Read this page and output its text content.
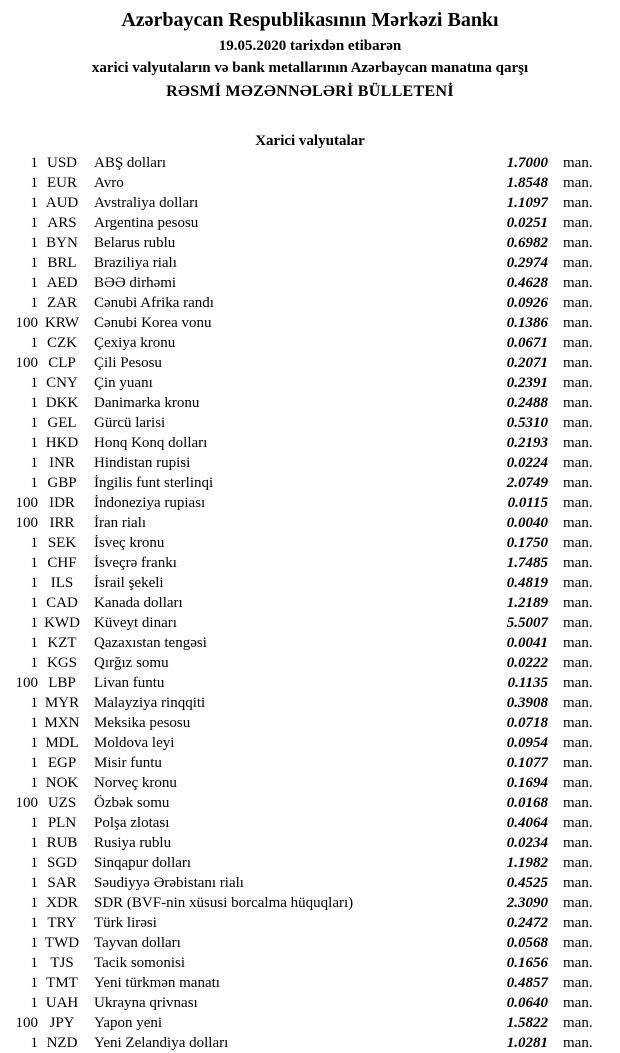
Azərbaycan Respublikasının Mərkəzi Bankı
19.05.2020 tarixdən etibarən
xarici valyutaların və bank metallarının Azərbaycan manatına qarşı
RƏSMİ MƏZƏNNƏLƏRİ BÜLLETENİ
Xarici valyutalar
1 USD	ABŞ dolları	1.7000	man.
1 EUR	Avro	1.8548	man.
1 AUD	Avstraliya dolları	1.1097	man.
1 ARS	Argentina pesosu	0.0251	man.
1 BYN	Belarus rublu	0.6982	man.
1 BRL	Braziliya rialı	0.2974	man.
1 AED	BƏƏ dirhəmi	0.4628	man.
1 ZAR	Cənubi Afrika randı	0.0926	man.
100 KRW Cənubi Korea vonu	0.1386	man.
1 CZK	Çexiya kronu	0.0671	man.
100 CLP	Çili Pesosu	0.2071	man.
1 CNY	Çin yuanı	0.2391	man.
1 DKK	Danimarka kronu	0.2488	man.
1 GEL	Gürcü larisi	0.5310	man.
1 HKD	Honq Konq dolları	0.2193	man.
1 INR	Hindistan rupisi	0.0224	man.
1 GBP	İngilis funt sterlinqi	2.0749	man.
100 IDR	İndoneziya rupiası	0.0115	man.
100 IRR	İran rialı	0.0040	man.
1 SEK	İsveç kronu	0.1750	man.
1 CHF	İsveçrə frankı	1.7485	man.
1 ILS	İsrail şekeli	0.4819	man.
1 CAD	Kanada dolları	1.2189	man.
1 KWD Küveyt dinarı	5.5007	man.
1 KZT	Qazaxıstan tengəsi	0.0041	man.
1 KGS	Qırğız somu	0.0222	man.
100 LBP	Livan funtu	0.1135	man.
1 MYR Malayziya rinqqiti	0.3908	man.
1 MXN Meksika pesosu	0.0718	man.
1 MDL	Moldova leyi	0.0954	man.
1 EGP	Misir funtu	0.1077	man.
1 NOK	Norveç kronu	0.1694	man.
100 UZS	Özbək somu	0.0168	man.
1 PLN	Polşa zlotası	0.4064	man.
1 RUB	Rusiya rublu	0.0234	man.
1 SGD	Sinqapur dolları	1.1982	man.
1 SAR	Səudiyyə Ərəbistanı rialı	0.4525	man.
1 XDR	SDR (BVF-nin xüsusi borcalma hüquqları)	2.3090	man.
1 TRY	Türk lirəsi	0.2472	man.
1 TWD Tayvan dolları	0.0568	man.
1 TJS	Tacik somonisi	0.1656	man.
1 TMT	Yeni türkmən manatı	0.4857	man.
1 UAH	Ukrayna qrivnası	0.0640	man.
100 JPY	Yapon yeni	1.5822	man.
1 NZD	Yeni Zelandiya dolları	1.0281	man.
